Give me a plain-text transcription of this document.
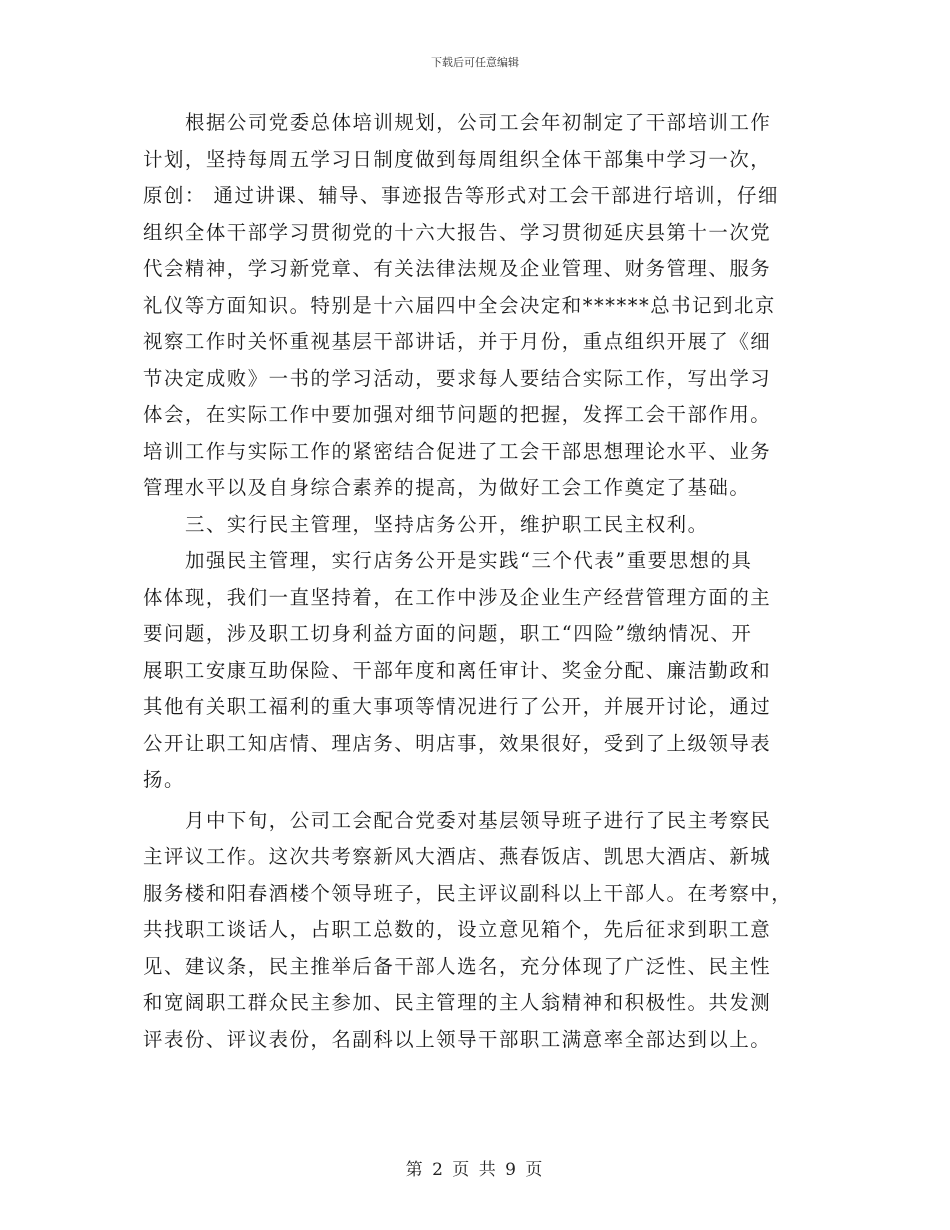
下载后可任意编辑
根据公司党委总体培训规划，公司工会年初制定了干部培训工作
计划，坚持每周五学习日制度做到每周组织全体干部集中学习一次，
原创： 通过讲课、辅导、事迹报告等形式对工会干部进行培训，仔细
组织全体干部学习贯彻党的十六大报告、学习贯彻延庆县第十一次党
代会精神，学习新党章、有关法律法规及企业管理、财务管理、服务
礼仪等方面知识。特别是十六届四中全会决定和******总书记到北京
视察工作时关怀重视基层干部讲话，并于月份，重点组织开展了《细
节决定成败》一书的学习活动，要求每人要结合实际工作，写出学习
体会，在实际工作中要加强对细节问题的把握，发挥工会干部作用。
培训工作与实际工作的紧密结合促进了工会干部思想理论水平、业务
管理水平以及自身综合素养的提高，为做好工会工作奠定了基础。
三、实行民主管理，坚持店务公开，维护职工民主权利。
加强民主管理，实行店务公开是实践“三个代表”重要思想的具
体体现，我们一直坚持着，在工作中涉及企业生产经营管理方面的主
要问题，涉及职工切身利益方面的问题，职工“四险”缴纳情况、开
展职工安康互助保险、干部年度和离任审计、奖金分配、廉洁勤政和
其他有关职工福利的重大事项等情况进行了公开，并展开讨论，通过
公开让职工知店情、理店务、明店事，效果很好，受到了上级领导表
扬。
月中下旬，公司工会配合党委对基层领导班子进行了民主考察民
主评议工作。这次共考察新风大酒店、燕春饭店、凯思大酒店、新城
服务楼和阳春酒楼个领导班子，民主评议副科以上干部人。在考察中，
共找职工谈话人，占职工总数的，设立意见箱个，先后征求到职工意
见、建议条，民主推举后备干部人选名，充分体现了广泛性、民主性
和宽阔职工群众民主参加、民主管理的主人翁精神和积极性。共发测
评表份、评议表份，名副科以上领导干部职工满意率全部达到以上。
第 2 页 共 9 页
